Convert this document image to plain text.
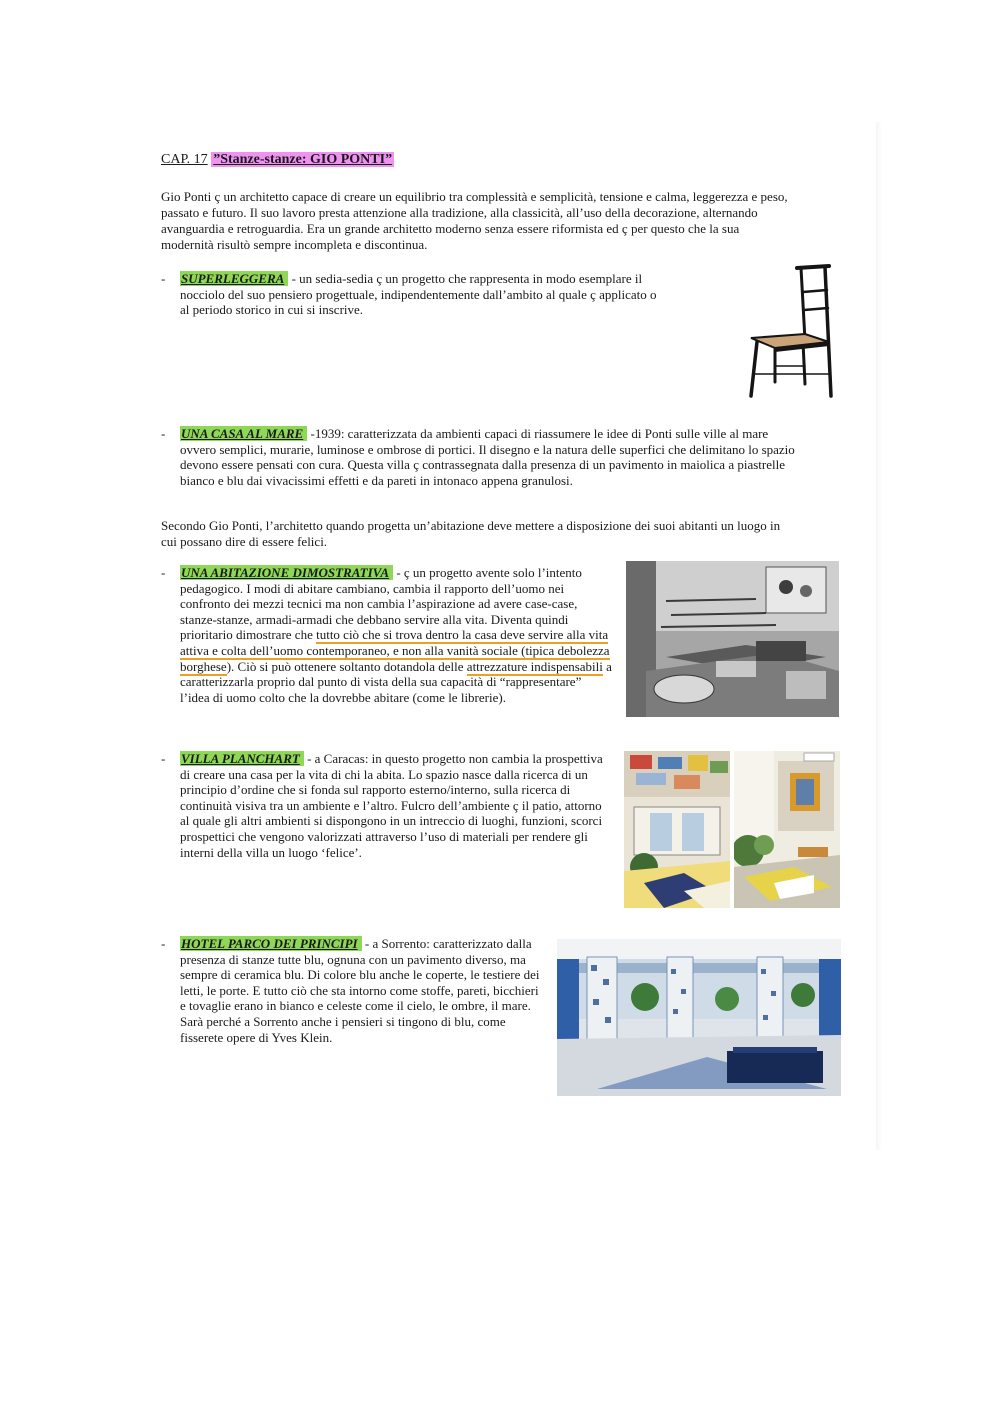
CAP. 17 ”Stanze-stanze: GIO PONTI”

Gio Ponti ç un architetto capace di creare un equilibrio tra complessità e semplicità, tensione e calma, leggerezza e peso, passato e futuro. Il suo lavoro presta attenzione alla tradizione, alla classicità, all’uso della decorazione, alternando avanguardia e retroguardia. Era un grande architetto moderno senza essere riformista ed ç per questo che la sua modernità risultò sempre incompleta e discontinua.

- SUPERLEGGERA - un sedia-sedia ç un progetto che rappresenta in modo esemplare il nocciolo del suo pensiero progettuale, indipendentemente dall’ambito al quale ç applicato o al periodo storico in cui si inscrive.
- UNA CASA AL MARE -1939: caratterizzata da ambienti capaci di riassumere le idee di Ponti sulle ville al mare ovvero semplici, murarie, luminose e ombrose di portici. Il disegno e la natura delle superfici che delimitano lo spazio devono essere pensati con cura. Questa villa ç contrassegnata dalla presenza di un pavimento in maiolica a piastrelle bianco e blu dai vivacissimi effetti e da pareti in intonaco appena granulosi.

Secondo Gio Ponti, l’architetto quando progetta un’abitazione deve mettere a disposizione dei suoi abitanti un luogo in cui possano dire di essere felici.

- UNA ABITAZIONE DIMOSTRATIVA - ç un progetto avente solo l’intento pedagogico. I modi di abitare cambiano, cambia il rapporto dell’uomo nei confronto dei mezzi tecnici ma non cambia l’aspirazione ad avere case-case, stanze-stanze, armadi-armadi che debbano servire alla vita. Diventa quindi prioritario dimostrare che tutto ciò che si trova dentro la casa deve servire alla vita attiva e colta dell’uomo contemporaneo, e non alla vanità sociale (tipica debolezza borghese). Ciò si può ottenere soltanto dotandola delle attrezzature indispensabili a caratterizzarla proprio dal punto di vista della sua capacità di “rappresentare” l’idea di uomo colto che la dovrebbe abitare (come le librerie).
- VILLA PLANCHART - a Caracas: in questo progetto non cambia la prospettiva di creare una casa per la vita di chi la abita. Lo spazio nasce dalla ricerca di un principio d’ordine che si fonda sul rapporto esterno/interno, sulla ricerca di continuità visiva tra un ambiente e l’altro. Fulcro dell’ambiente ç il patio, attorno al quale gli altri ambienti si dispongono in un intreccio di luoghi, funzioni, scorci prospettici che vengono valorizzati attraverso l’uso di materiali per rendere gli interni della villa un luogo ‘felice’.
- HOTEL PARCO DEI PRINCIPI - a Sorrento: caratterizzato dalla presenza di stanze tutte blu, ognuna con un pavimento diverso, ma sempre di ceramica blu. Di colore blu anche le coperte, le testiere dei letti, le porte. E tutto ciò che sta intorno come stoffe, pareti, bicchieri e tovaglie erano in bianco e celeste come il cielo, le ombre, il mare. Sarà perché a Sorrento anche i pensieri si tingono di blu, come fisserete opere di Yves Klein.
